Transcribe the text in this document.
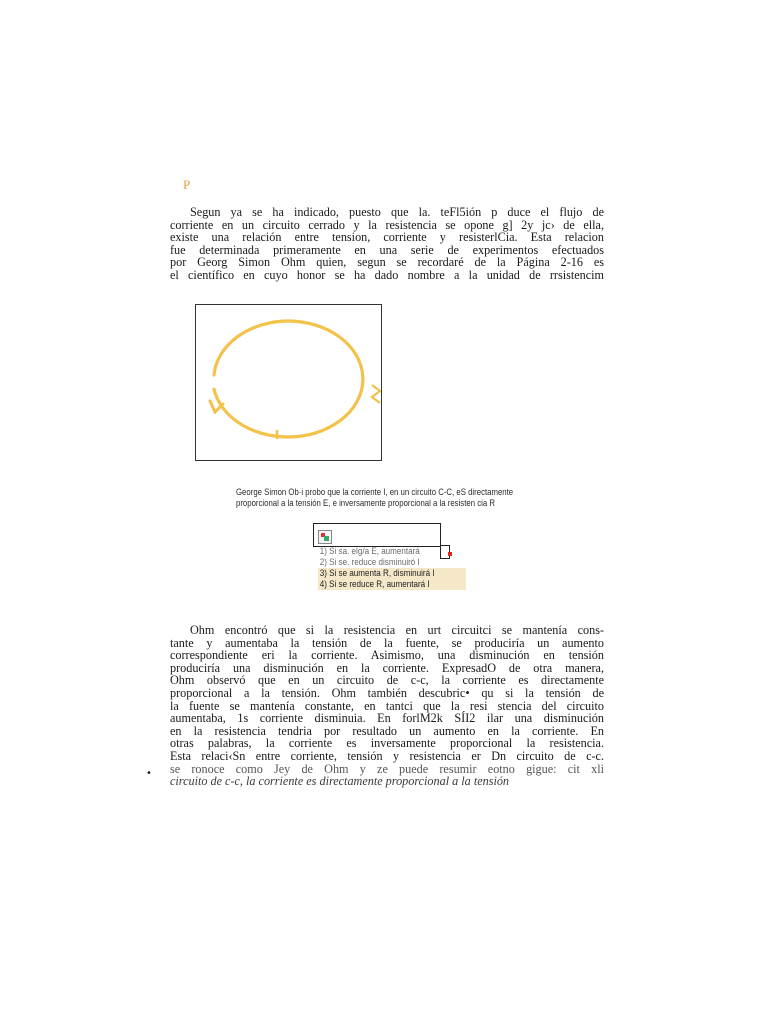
P
Segun ya se ha indicado, puesto que la. teFl5ión p duce el flujo de
corriente en un circuito cerrado y la resistencia se opone g] 2y jc› de ella,
existe una relación entre tension, corriente y resisterlCia. Esta relacion
fue determinada primeramente en una serie de experimentos efectuados
por Georg Simon Ohm quien, segun se recordaré de la Página 2-16 es
el científico en cuyo honor se ha dado nombre a la unidad de rrsistencim
George Simon Ob·i probo que la corriente I, en un circuito C-C, eS directamente
proporcional a la tensión E, e inversamente proporcional a la resisten cia R
1) Si sa. elg/a E, aumentará
2) Si se. reduce disminuiró I
3) Si se aumenta R, disminuirá I
4) Si se reduce R, aumentará I
Ohm encontró que si la resistencia en urt circuitci se mantenía cons-
tante y aumentaba la tensión de la fuente, se produciría un aumento
correspondiente eri la corriente. Asimismo, una disminución en tensión
produciría una disminución en la corriente. ExpresadO de otra manera,
Ohm observó que en un circuito de c-c, la corriente es directamente
proporcional a la tensión. Ohm también descubric• qu si la tensión de
la fuente se mantenía constante, en tantci que la resi stencia del circuito
aumentaba, 1s corriente disminuia. En forlM2k SÍI2 ilar una disminución
en la resistencia tendria por resultado un aumento en la corriente. En
otras palabras, la corriente es inversamente proporcional la resistencia.
Esta relaci‹Sn entre corriente, tensión y resistencia er Dn circuito de c-c.
se ronoce como Jey de Ohm y ze puede resumir eotno gigue: cit xli
circuito de c-c, la corriente es directamente proporcional a la tensión
•
